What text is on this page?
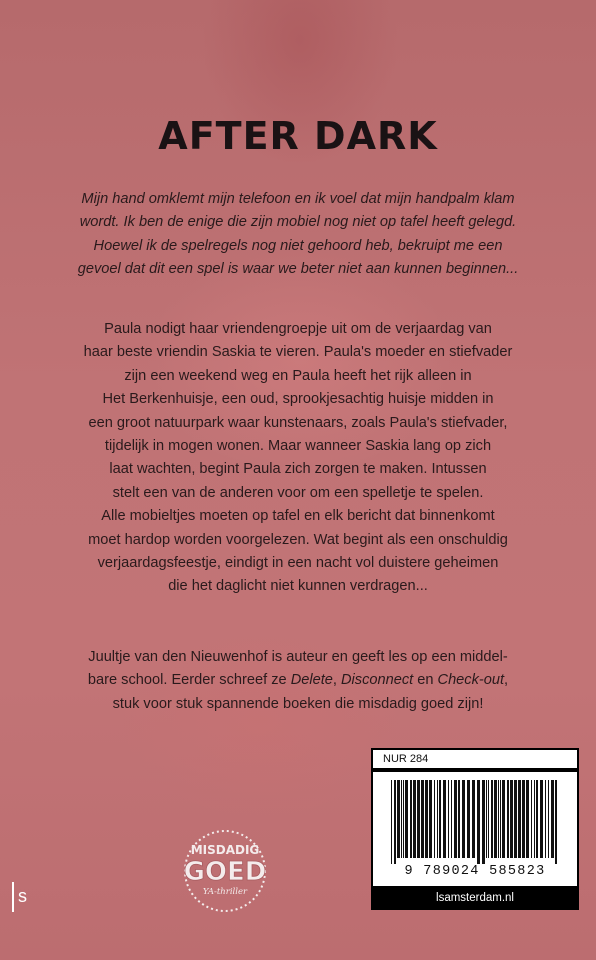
AFTER DARK
Mijn hand omklemt mijn telefoon en ik voel dat mijn handpalm klam
wordt. Ik ben de enige die zijn mobiel nog niet op tafel heeft gelegd.
Hoewel ik de spelregels nog niet gehoord heb, bekruipt me een
gevoel dat dit een spel is waar we beter niet aan kunnen beginnen...
Paula nodigt haar vriendengroepje uit om de verjaardag van
haar beste vriendin Saskia te vieren. Paula's moeder en stiefvader
zijn een weekend weg en Paula heeft het rijk alleen in
Het Berkenhuisje, een oud, sprookjesachtig huisje midden in
een groot natuurpark waar kunstenaars, zoals Paula's stiefvader,
tijdelijk in mogen wonen. Maar wanneer Saskia lang op zich
laat wachten, begint Paula zich zorgen te maken. Intussen
stelt een van de anderen voor om een spelletje te spelen.
Alle mobieltjes moeten op tafel en elk bericht dat binnenkomt
moet hardop worden voorgelezen. Wat begint als een onschuldig
verjaardagsfeestje, eindigt in een nacht vol duistere geheimen
die het daglicht niet kunnen verdragen...
Juultje van den Nieuwenhof is auteur en geeft les op een middel-
bare school. Eerder schreef ze Delete, Disconnect en Check-out,
stuk voor stuk spannende boeken die misdadig goed zijn!
MISDADIG
GOED
YA-thriller
s
NUR 284
9 789024 585823
lsamsterdam.nl
